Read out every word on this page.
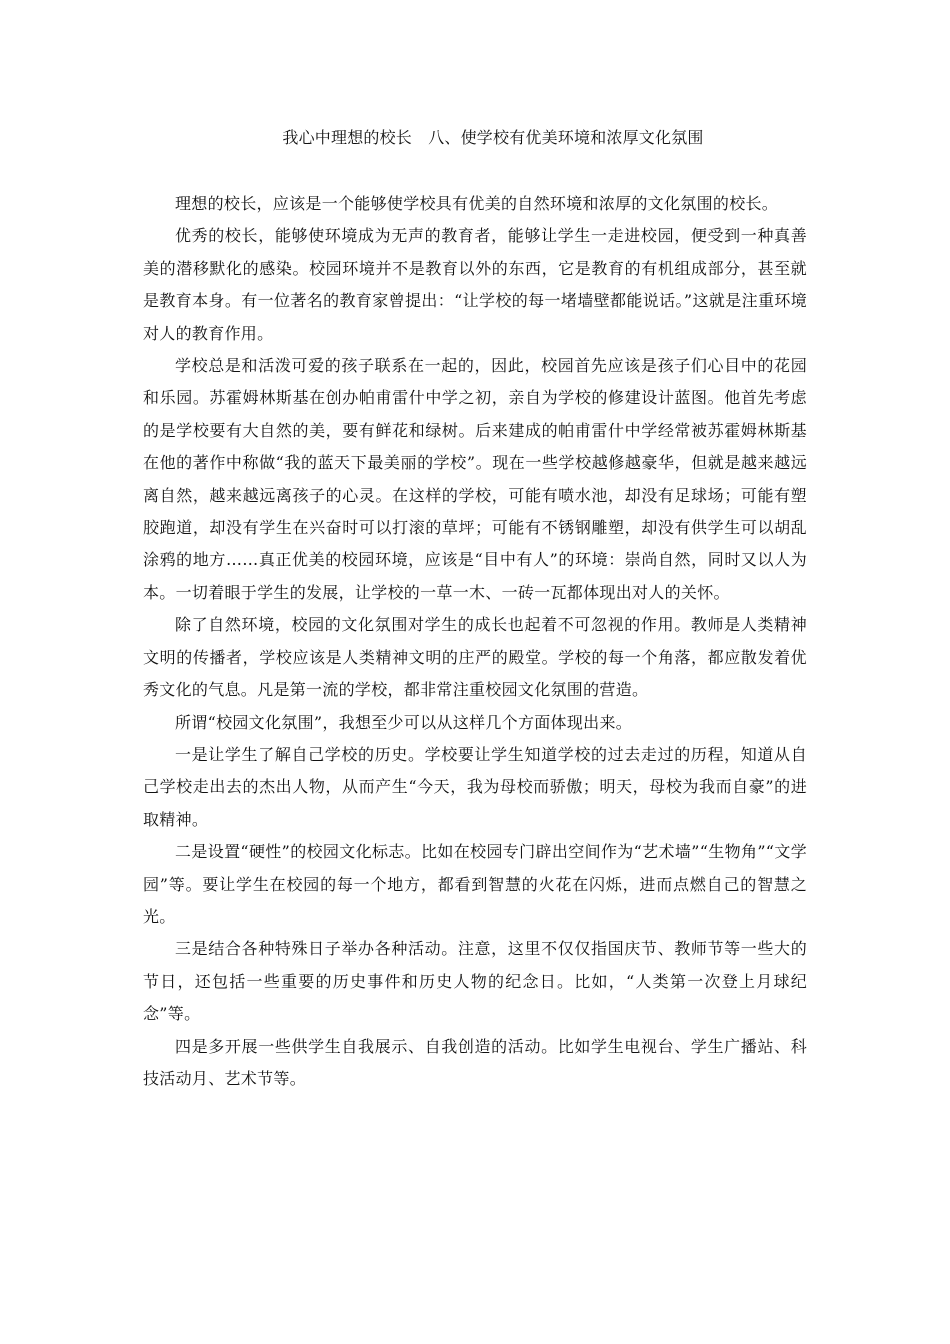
我心中理想的校长　八、使学校有优美环境和浓厚文化氛围

理想的校长，应该是一个能够使学校具有优美的自然环境和浓厚的文化氛围的校长。

优秀的校长，能够使环境成为无声的教育者，能够让学生一走进校园，便受到一种真善美的潜移默化的感染。校园环境并不是教育以外的东西，它是教育的有机组成部分，甚至就是教育本身。有一位著名的教育家曾提出：“让学校的每一堵墙壁都能说话。”这就是注重环境对人的教育作用。

学校总是和活泼可爱的孩子联系在一起的，因此，校园首先应该是孩子们心目中的花园和乐园。苏霍姆林斯基在创办帕甫雷什中学之初，亲自为学校的修建设计蓝图。他首先考虑的是学校要有大自然的美，要有鲜花和绿树。后来建成的帕甫雷什中学经常被苏霍姆林斯基在他的著作中称做“我的蓝天下最美丽的学校”。现在一些学校越修越豪华，但就是越来越远离自然，越来越远离孩子的心灵。在这样的学校，可能有喷水池，却没有足球场；可能有塑胶跑道，却没有学生在兴奋时可以打滚的草坪；可能有不锈钢雕塑，却没有供学生可以胡乱涂鸦的地方……真正优美的校园环境，应该是“目中有人”的环境：崇尚自然，同时又以人为本。一切着眼于学生的发展，让学校的一草一木、一砖一瓦都体现出对人的关怀。

除了自然环境，校园的文化氛围对学生的成长也起着不可忽视的作用。教师是人类精神文明的传播者，学校应该是人类精神文明的庄严的殿堂。学校的每一个角落，都应散发着优秀文化的气息。凡是第一流的学校，都非常注重校园文化氛围的营造。

所谓“校园文化氛围”，我想至少可以从这样几个方面体现出来。

一是让学生了解自己学校的历史。学校要让学生知道学校的过去走过的历程，知道从自己学校走出去的杰出人物，从而产生“今天，我为母校而骄傲；明天，母校为我而自豪”的进取精神。

二是设置“硬性”的校园文化标志。比如在校园专门辟出空间作为“艺术墙”“生物角”“文学园”等。要让学生在校园的每一个地方，都看到智慧的火花在闪烁，进而点燃自己的智慧之光。

三是结合各种特殊日子举办各种活动。注意，这里不仅仅指国庆节、教师节等一些大的节日，还包括一些重要的历史事件和历史人物的纪念日。比如，“人类第一次登上月球纪念”等。

四是多开展一些供学生自我展示、自我创造的活动。比如学生电视台、学生广播站、科技活动月、艺术节等。
